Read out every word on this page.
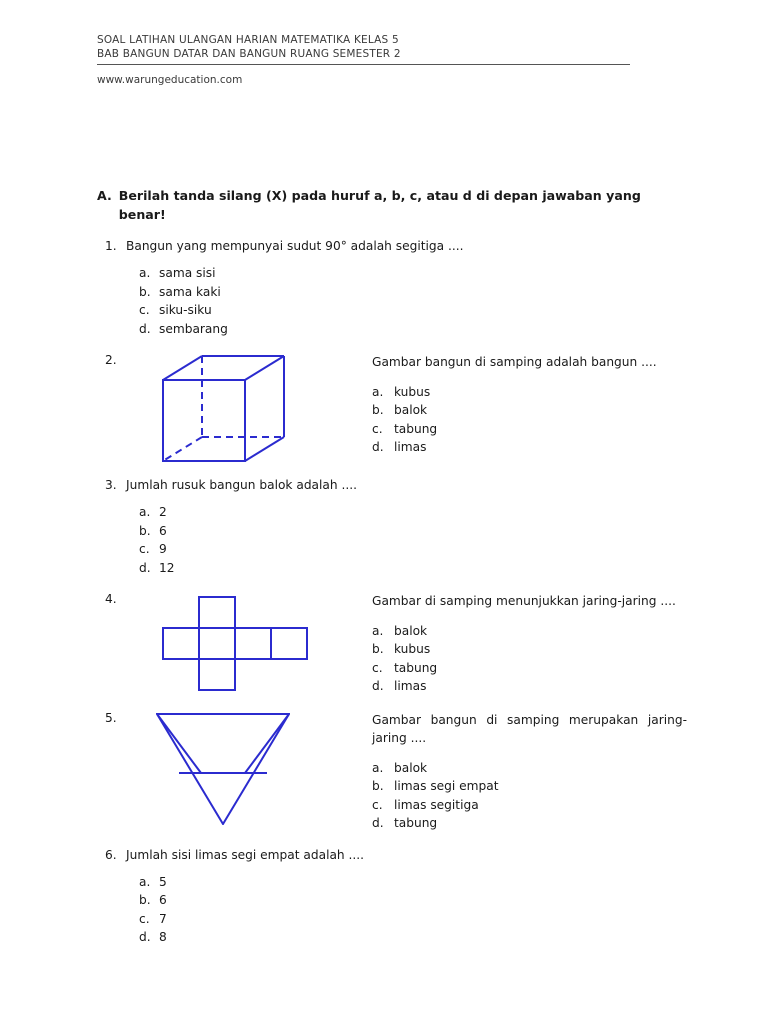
SOAL LATIHAN ULANGAN HARIAN MATEMATIKA KELAS 5
BAB BANGUN DATAR DAN BANGUN RUANG SEMESTER 2
www.warungeducation.com
A. Berilah tanda silang (X) pada huruf a, b, c, atau d di depan jawaban yang benar!
1. Bangun yang mempunyai sudut 90° adalah segitiga ....
a. sama sisi
b. sama kaki
c. siku-siku
d. sembarang
2.	Gambar bangun di samping adalah bangun ....
a. kubus
b. balok
c. tabung
d. limas
3. Jumlah rusuk bangun balok adalah ....
a. 2
b. 6
c. 9
d. 12
4.	Gambar di samping menunjukkan jaring-jaring ....
a. balok
b. kubus
c. tabung
d. limas
5.	Gambar bangun di samping merupakan jaring-jaring ....
a. balok
b. limas segi empat
c. limas segitiga
d. tabung
6. Jumlah sisi limas segi empat adalah ....
a. 5
b. 6
c. 7
d. 8
